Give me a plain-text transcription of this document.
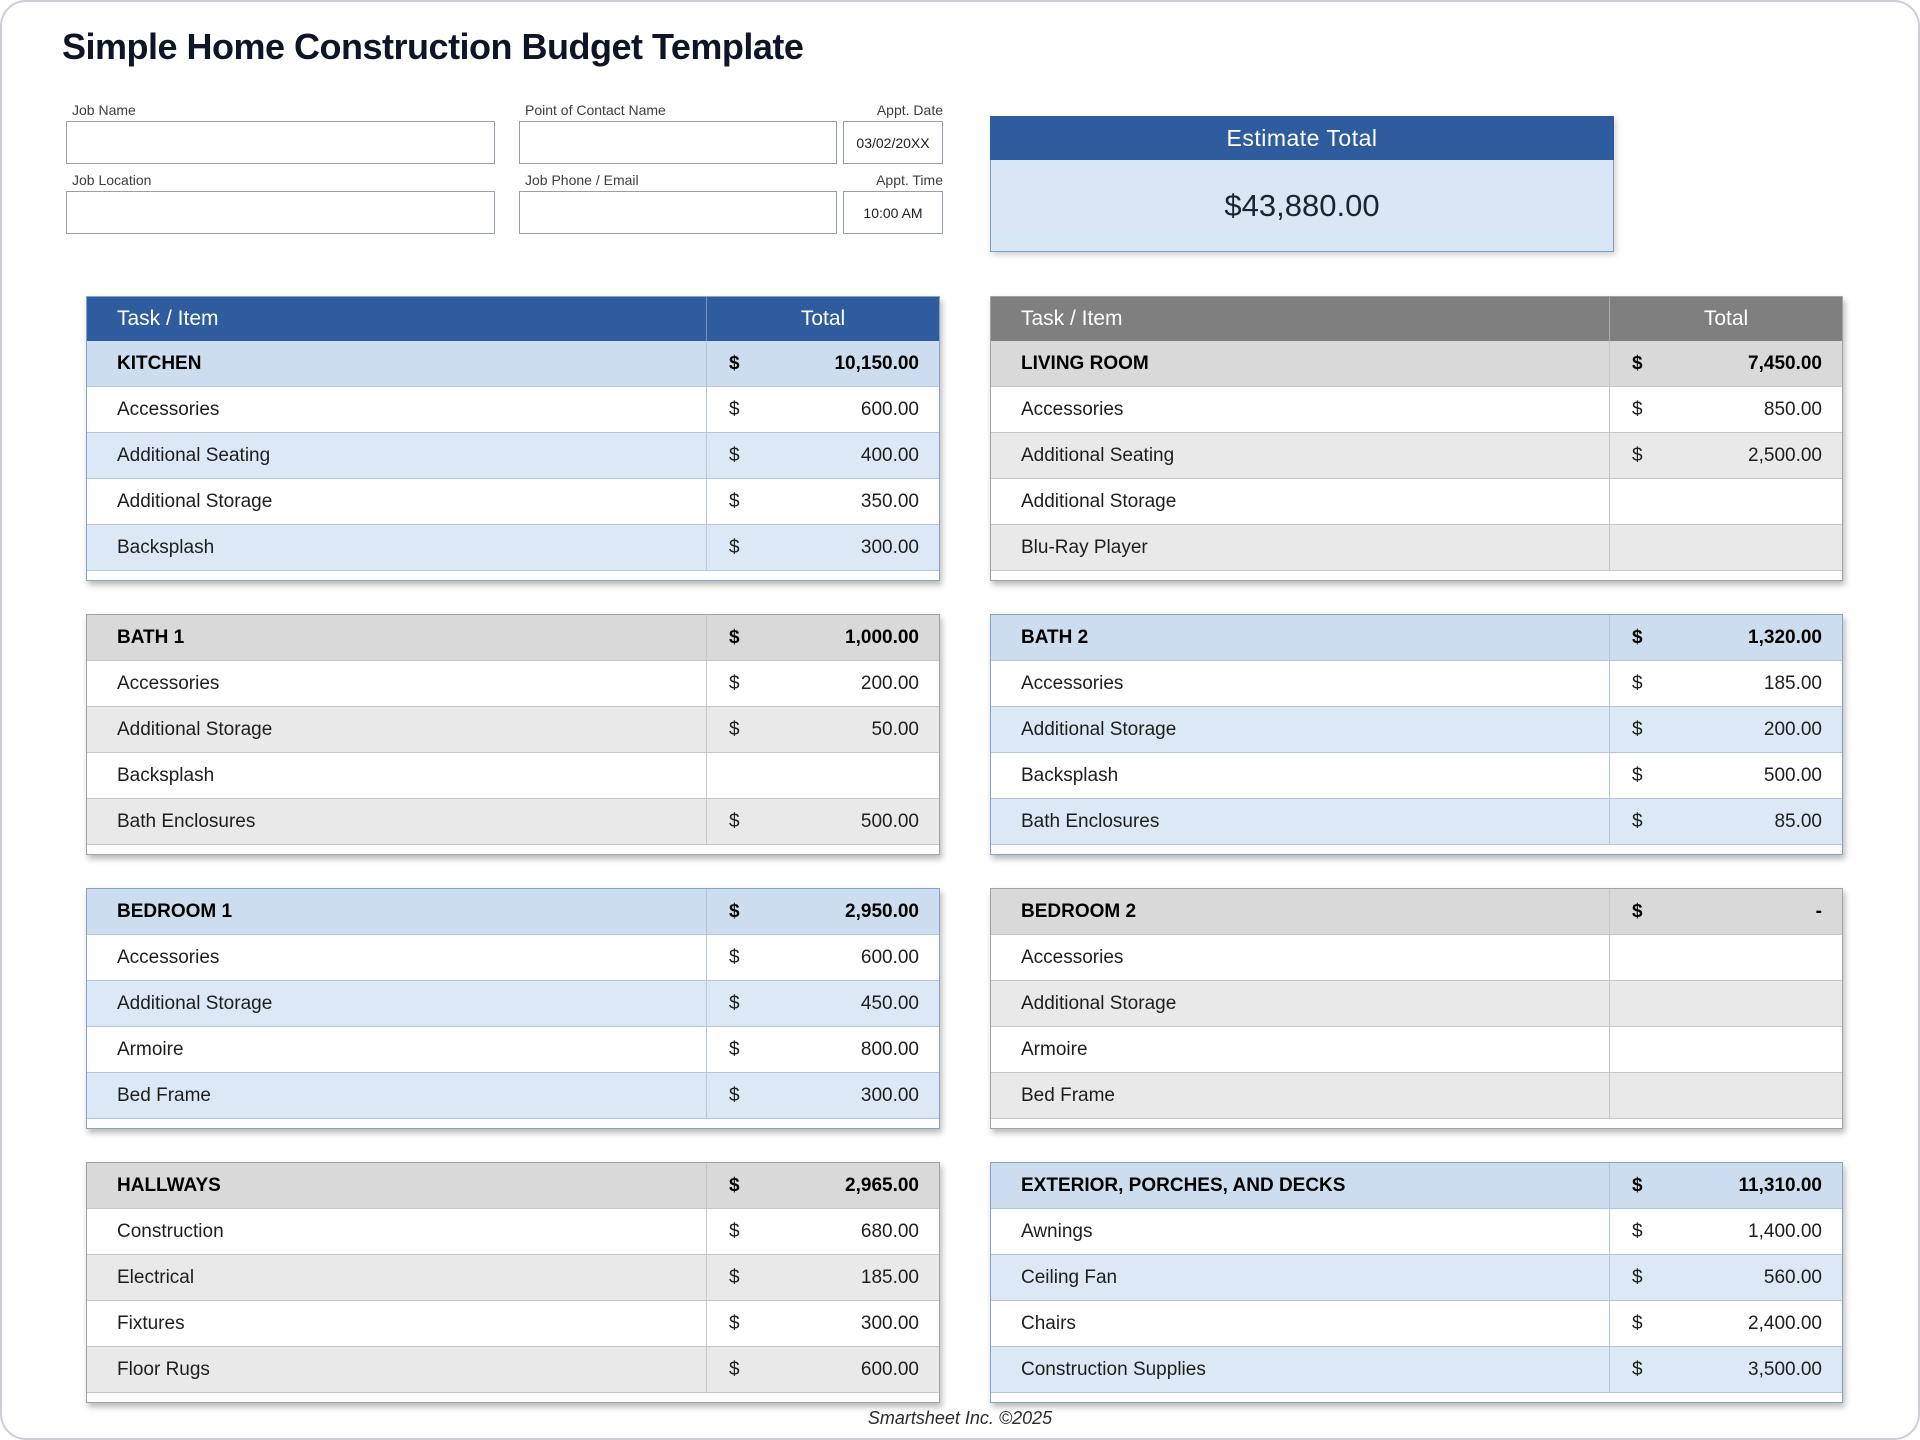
Simple Home Construction Budget Template
Job Name	Point of Contact Name	Appt. Date
Job Location	Job Phone / Email	Appt. Time
03/02/20XX
10:00 AM
Estimate Total
$43,880.00
Task / Item	Total
KITCHEN	$	10,150.00
Accessories	$	600.00
Additional Seating	$	400.00
Additional Storage	$	350.00
Backsplash	$	300.00
BATH 1	$	1,000.00
Accessories	$	200.00
Additional Storage	$	50.00
Backsplash
Bath Enclosures	$	500.00
BEDROOM 1	$	2,950.00
Accessories	$	600.00
Additional Storage	$	450.00
Armoire	$	800.00
Bed Frame	$	300.00
HALLWAYS	$	2,965.00
Construction	$	680.00
Electrical	$	185.00
Fixtures	$	300.00
Floor Rugs	$	600.00
Task / Item	Total
LIVING ROOM	$	7,450.00
Accessories	$	850.00
Additional Seating	$	2,500.00
Additional Storage
Blu-Ray Player
BATH 2	$	1,320.00
Accessories	$	185.00
Additional Storage	$	200.00
Backsplash	$	500.00
Bath Enclosures	$	85.00
BEDROOM 2	$	-
Accessories
Additional Storage
Armoire
Bed Frame
EXTERIOR, PORCHES, AND DECKS	$	11,310.00
Awnings	$	1,400.00
Ceiling Fan	$	560.00
Chairs	$	2,400.00
Construction Supplies	$	3,500.00
Smartsheet Inc. ©2025
